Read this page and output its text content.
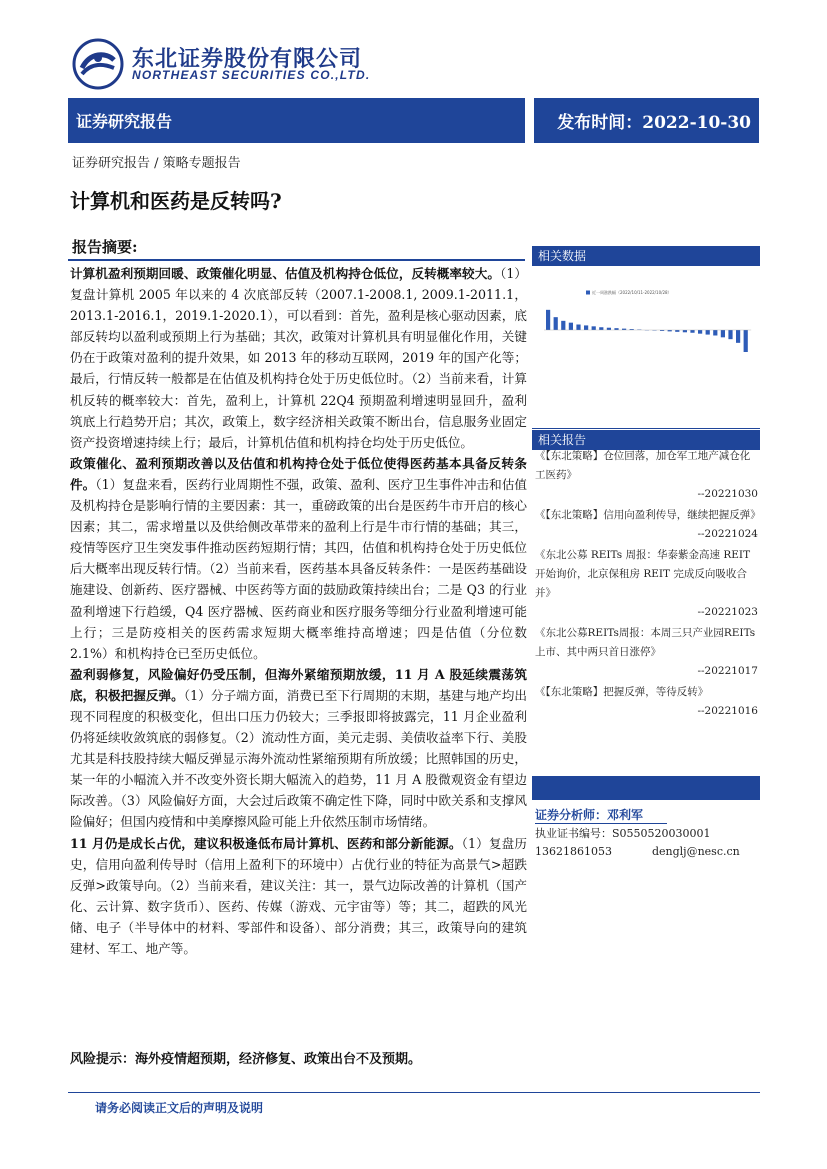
东北证券股份有限公司
NORTHEAST SECURITIES CO.,LTD.
证券研究报告	发布时间：2022-10-30
证券研究报告 / 策略专题报告
计算机和医药是反转吗?
报告摘要:

计算机盈利预期回暖、政策催化明显、估值及机构持仓低位，反转概率较大。（1）复盘计算机 2005 年以来的 4 次底部反转（2007.1-2008.1, 2009.1-2011.1，2013.1-2016.1，2019.1-2020.1），可以看到：首先，盈利是核心驱动因素，底部反转均以盈利或预期上行为基础；其次，政策对计算机具有明显催化作用，关键仍在于政策对盈利的提升效果，如 2013 年的移动互联网，2019 年的国产化等；最后，行情反转一般都是在估值及机构持仓处于历史低位时。（2）当前来看，计算机反转的概率较大：首先，盈利上，计算机 22Q4 预期盈利增速明显回升，盈利筑底上行趋势开启；其次，政策上，数字经济相关政策不断出台，信息服务业固定资产投资增速持续上行；最后，计算机估值和机构持仓均处于历史低位。

政策催化、盈利预期改善以及估值和机构持仓处于低位使得医药基本具备反转条件。（1）复盘来看，医药行业周期性不强，政策、盈利、医疗卫生事件冲击和估值及机构持仓是影响行情的主要因素：其一，重磅政策的出台是医药牛市开启的核心因素；其二，需求增量以及供给侧改革带来的盈利上行是牛市行情的基础；其三，疫情等医疗卫生突发事件推动医药短期行情；其四，估值和机构持仓处于历史低位后大概率出现反转行情。（2）当前来看，医药基本具备反转条件：一是医药基础设施建设、创新药、医疗器械、中医药等方面的鼓励政策持续出台；二是 Q3 的行业盈利增速下行趋缓，Q4 医疗器械、医药商业和医疗服务等细分行业盈利增速可能上行；三是防疫相关的医药需求短期大概率维持高增速；四是估值（分位数 2.1%）和机构持仓已至历史低位。

盈利弱修复，风险偏好仍受压制，但海外紧缩预期放缓，11 月 A 股延续震荡筑底，积极把握反弹。（1）分子端方面，消费已至下行周期的末期，基建与地产均出现不同程度的积极变化，但出口压力仍较大；三季报即将披露完，11 月企业盈利仍将延续收敛筑底的弱修复。（2）流动性方面，美元走弱、美债收益率下行、美股尤其是科技股持续大幅反弹显示海外流动性紧缩预期有所放缓；比照韩国的历史，某一年的小幅流入并不改变外资长期大幅流入的趋势，11 月 A 股微观资金有望边际改善。（3）风险偏好方面，大会过后政策不确定性下降，同时中欧关系和支撑风险偏好；但国内疫情和中美摩擦风险可能上升依然压制市场情绪。

11 月仍是成长占优，建议积极逢低布局计算机、医药和部分新能源。（1）复盘历史，信用向盈利传导时（信用上盈利下的环境中）占优行业的特征为高景气>超跌反弹>政策导向。（2）当前来看，建议关注：其一，景气边际改善的计算机（国产化、云计算、数字货币）、医药、传媒（游戏、元宇宙等）等；其二，超跌的风光储、电子（半导体中的材料、零部件和设备）、部分消费；其三，政策导向的建筑建材、军工、地产等。

风险提示：海外疫情超预期，经济修复、政策出台不及预期。
相关数据
近一周涨跌幅（2022/10/11-2022/10/28）
相关报告
《【东北策略】仓位回落，加仓军工地产减仓化工医药》
--20221030
《【东北策略】信用向盈利传导，继续把握反弹》
--20221024
《东北公募 REITs 周报：华泰紫金高速 REIT 开始询价，北京保租房 REIT 完成反向吸收合并》
--20221023
《东北公募REITs周报：本周三只产业园REITs上市、其中两只首日涨停》
--20221017
《【东北策略】把握反弹，等待反转》
--20221016
证券分析师：邓利军
执业证书编号：S0550520030001
13621861053	denglj@nesc.cn
请务必阅读正文后的声明及说明
